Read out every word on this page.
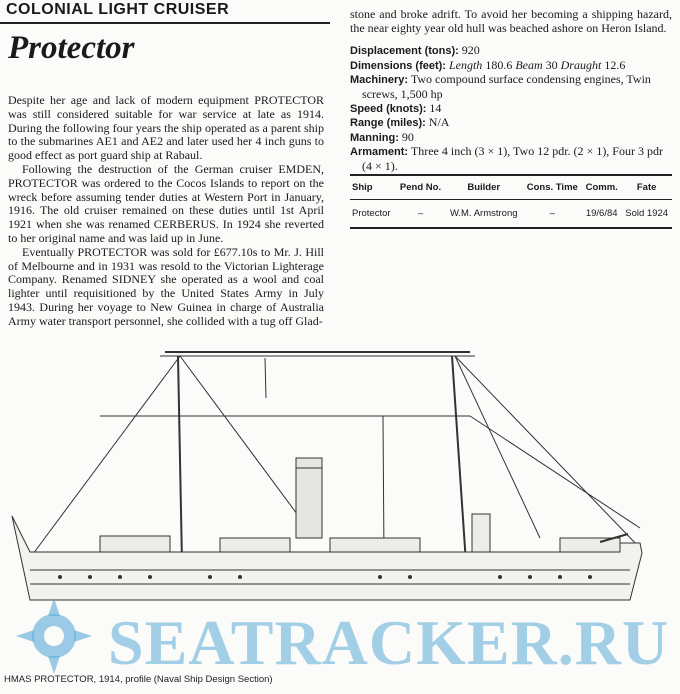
COLONIAL LIGHT CRUISER
Protector

Despite her age and lack of modern equipment PROTECTOR was still considered suitable for war service at late as 1914. During the following four years the ship operated as a parent ship to the submarines AE1 and AE2 and later used her 4 inch guns to good effect as port guard ship at Rabaul.

Following the destruction of the German cruiser EMDEN, PROTECTOR was ordered to the Cocos Islands to report on the wreck before assuming tender duties at Western Port in January, 1916. The old cruiser remained on these duties until 1st April 1921 when she was renamed CERBERUS. In 1924 she reverted to her original name and was laid up in June.

Eventually PROTECTOR was sold for £677.10s to Mr. J. Hill of Melbourne and in 1931 was resold to the Victorian Lighterage Company. Renamed SIDNEY she operated as a wool and coal lighter until requisitioned by the United States Army in July 1943. During her voyage to New Guinea in charge of Australia Army water transport personnel, she collided with a tug off Glad-

stone and broke adrift. To avoid her becoming a shipping hazard, the near eighty year old hull was beached ashore on Heron Island.

Displacement (tons): 920

Dimensions (feet): Length 180.6 Beam 30 Draught 12.6

Machinery: Two compound surface condensing engines, Twin screws, 1,500 hp

Speed (knots): 14

Range (miles): N/A

Manning: 90

Armament: Three 4 inch (3 × 1), Two 12 pdr. (2 × 1), Four 3 pdr (4 × 1).

Ship	Pend No.	Builder	Cons. Time	Comm.	Fate
Protector	–	W.M. Armstrong	–	19/6/84	Sold 1924
SEATRACKER.RU
HMAS PROTECTOR, 1914, profile (Naval Ship Design Section)
